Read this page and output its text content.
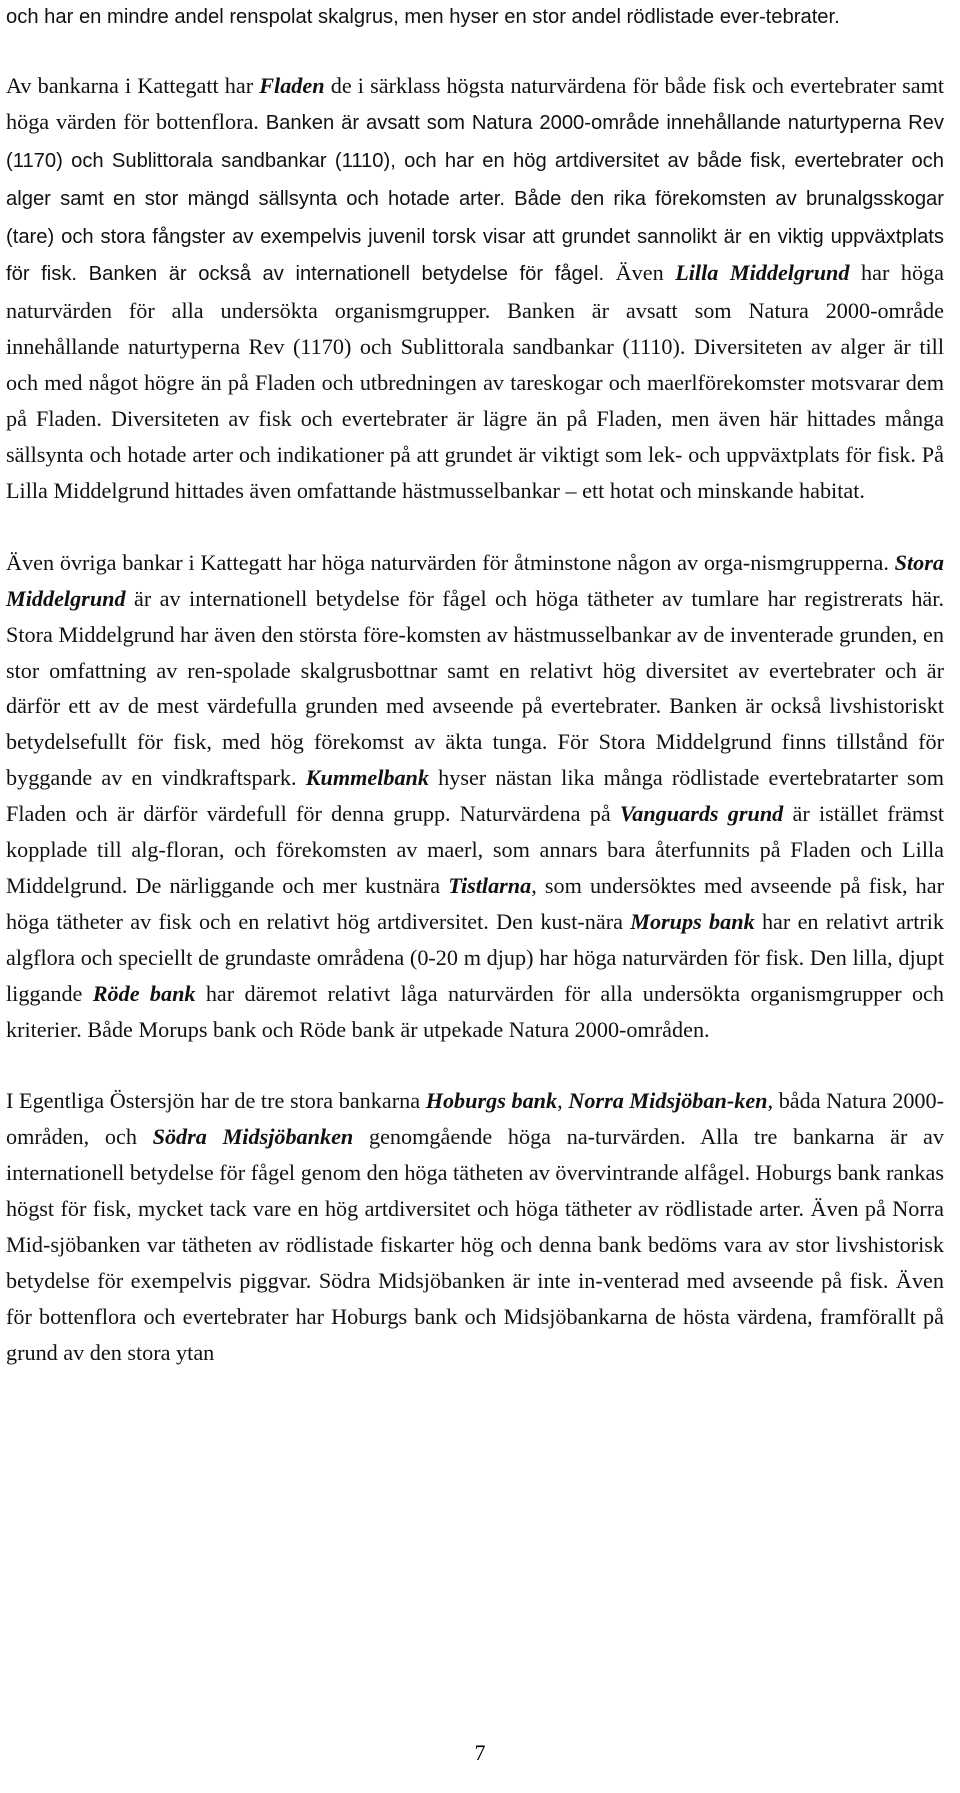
och har en mindre andel renspolat skalgrus, men hyser en stor andel rödlistade ever-tebrater.

Av bankarna i Kattegatt har Fladen de i särklass högsta naturvärdena för både fisk och evertebrater samt höga värden för bottenflora. Banken är avsatt som Natura 2000-område innehållande naturtyperna Rev (1170) och Sublittorala sandbankar (1110), och har en hög artdiversitet av både fisk, evertebrater och alger samt en stor mängd sällsynta och hotade arter. Både den rika förekomsten av brunalgsskogar (tare) och stora fångster av exempelvis juvenil torsk visar att grundet sannolikt är en viktig uppväxtplats för fisk. Banken är också av internationell betydelse för fågel. Även Lilla Middelgrund har höga naturvärden för alla undersökta organismgrupper. Banken är avsatt som Natura 2000-område innehållande naturtyperna Rev (1170) och Sublittorala sandbankar (1110). Diversiteten av alger är till och med något högre än på Fladen och utbredningen av tareskogar och maerlförekomster motsvarar dem på Fladen. Diversiteten av fisk och evertebrater är lägre än på Fladen, men även här hittades många sällsynta och hotade arter och indikationer på att grundet är viktigt som lek- och uppväxtplats för fisk. På Lilla Middelgrund hittades även omfattande hästmusselbankar – ett hotat och minskande habitat.

Även övriga bankar i Kattegatt har höga naturvärden för åtminstone någon av orga-nismgrupperna. Stora Middelgrund är av internationell betydelse för fågel och höga tätheter av tumlare har registrerats här. Stora Middelgrund har även den största före-komsten av hästmusselbankar av de inventerade grunden, en stor omfattning av ren-spolade skalgrusbottnar samt en relativt hög diversitet av evertebrater och är därför ett av de mest värdefulla grunden med avseende på evertebrater. Banken är också livshistoriskt betydelsefullt för fisk, med hög förekomst av äkta tunga. För Stora Middelgrund finns tillstånd för byggande av en vindkraftspark. Kummelbank hyser nästan lika många rödlistade evertebratarter som Fladen och är därför värdefull för denna grupp. Naturvärdena på Vanguards grund är istället främst kopplade till alg-floran, och förekomsten av maerl, som annars bara återfunnits på Fladen och Lilla Middelgrund. De närliggande och mer kustnära Tistlarna, som undersöktes med avseende på fisk, har höga tätheter av fisk och en relativt hög artdiversitet. Den kust-nära Morups bank har en relativt artrik algflora och speciellt de grundaste områdena (0-20 m djup) har höga naturvärden för fisk. Den lilla, djupt liggande Röde bank har däremot relativt låga naturvärden för alla undersökta organismgrupper och kriterier. Både Morups bank och Röde bank är utpekade Natura 2000-områden.

I Egentliga Östersjön har de tre stora bankarna Hoburgs bank, Norra Midsjöban-ken, båda Natura 2000-områden, och Södra Midsjöbanken genomgående höga na-turvärden. Alla tre bankarna är av internationell betydelse för fågel genom den höga tätheten av övervintrande alfågel. Hoburgs bank rankas högst för fisk, mycket tack vare en hög artdiversitet och höga tätheter av rödlistade arter. Även på Norra Mid-sjöbanken var tätheten av rödlistade fiskarter hög och denna bank bedöms vara av stor livshistorisk betydelse för exempelvis piggvar. Södra Midsjöbanken är inte in-venterad med avseende på fisk. Även för bottenflora och evertebrater har Hoburgs bank och Midsjöbankarna de hösta värdena, framförallt på grund av den stora ytan

7
